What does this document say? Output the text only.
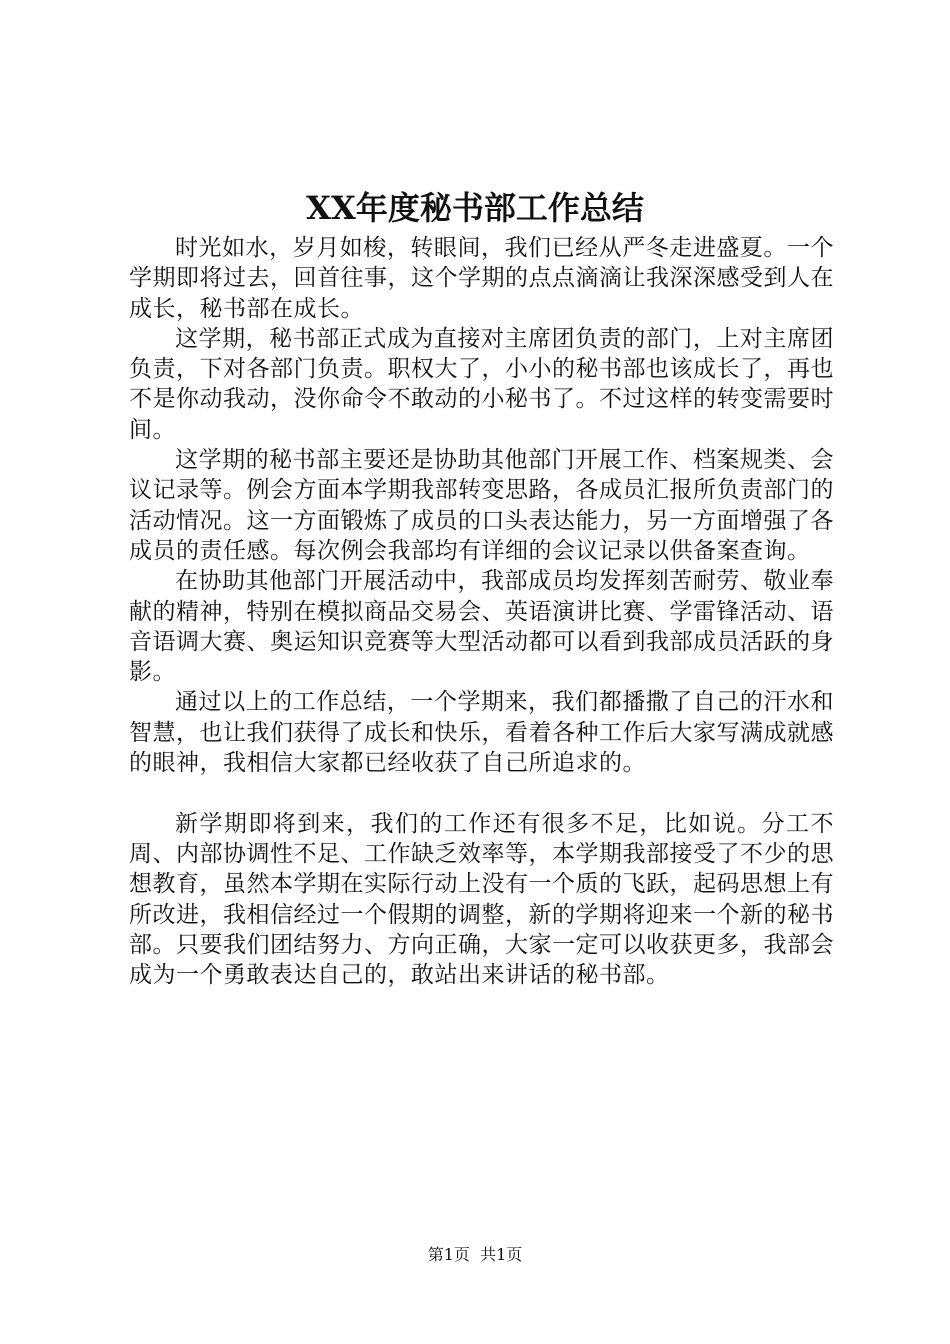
XX年度秘书部工作总结

时光如水，岁月如梭，转眼间，我们已经从严冬走进盛夏。一个学期即将过去，回首往事，这个学期的点点滴滴让我深深感受到人在成长，秘书部在成长。

这学期，秘书部正式成为直接对主席团负责的部门，上对主席团负责，下对各部门负责。职权大了，小小的秘书部也该成长了，再也不是你动我动，没你命令不敢动的小秘书了。不过这样的转变需要时间。

这学期的秘书部主要还是协助其他部门开展工作、档案规类、会议记录等。例会方面本学期我部转变思路，各成员汇报所负责部门的活动情况。这一方面锻炼了成员的口头表达能力，另一方面增强了各成员的责任感。每次例会我部均有详细的会议记录以供备案查询。

在协助其他部门开展活动中，我部成员均发挥刻苦耐劳、敬业奉献的精神，特别在模拟商品交易会、英语演讲比赛、学雷锋活动、语音语调大赛、奥运知识竞赛等大型活动都可以看到我部成员活跃的身影。

通过以上的工作总结，一个学期来，我们都播撒了自己的汗水和智慧，也让我们获得了成长和快乐，看着各种工作后大家写满成就感的眼神，我相信大家都已经收获了自己所追求的。

新学期即将到来，我们的工作还有很多不足，比如说。分工不周、内部协调性不足、工作缺乏效率等，本学期我部接受了不少的思想教育，虽然本学期在实际行动上没有一个质的飞跃，起码思想上有所改进，我相信经过一个假期的调整，新的学期将迎来一个新的秘书部。只要我们团结努力、方向正确，大家一定可以收获更多，我部会成为一个勇敢表达自己的，敢站出来讲话的秘书部。

第1页 共1页
